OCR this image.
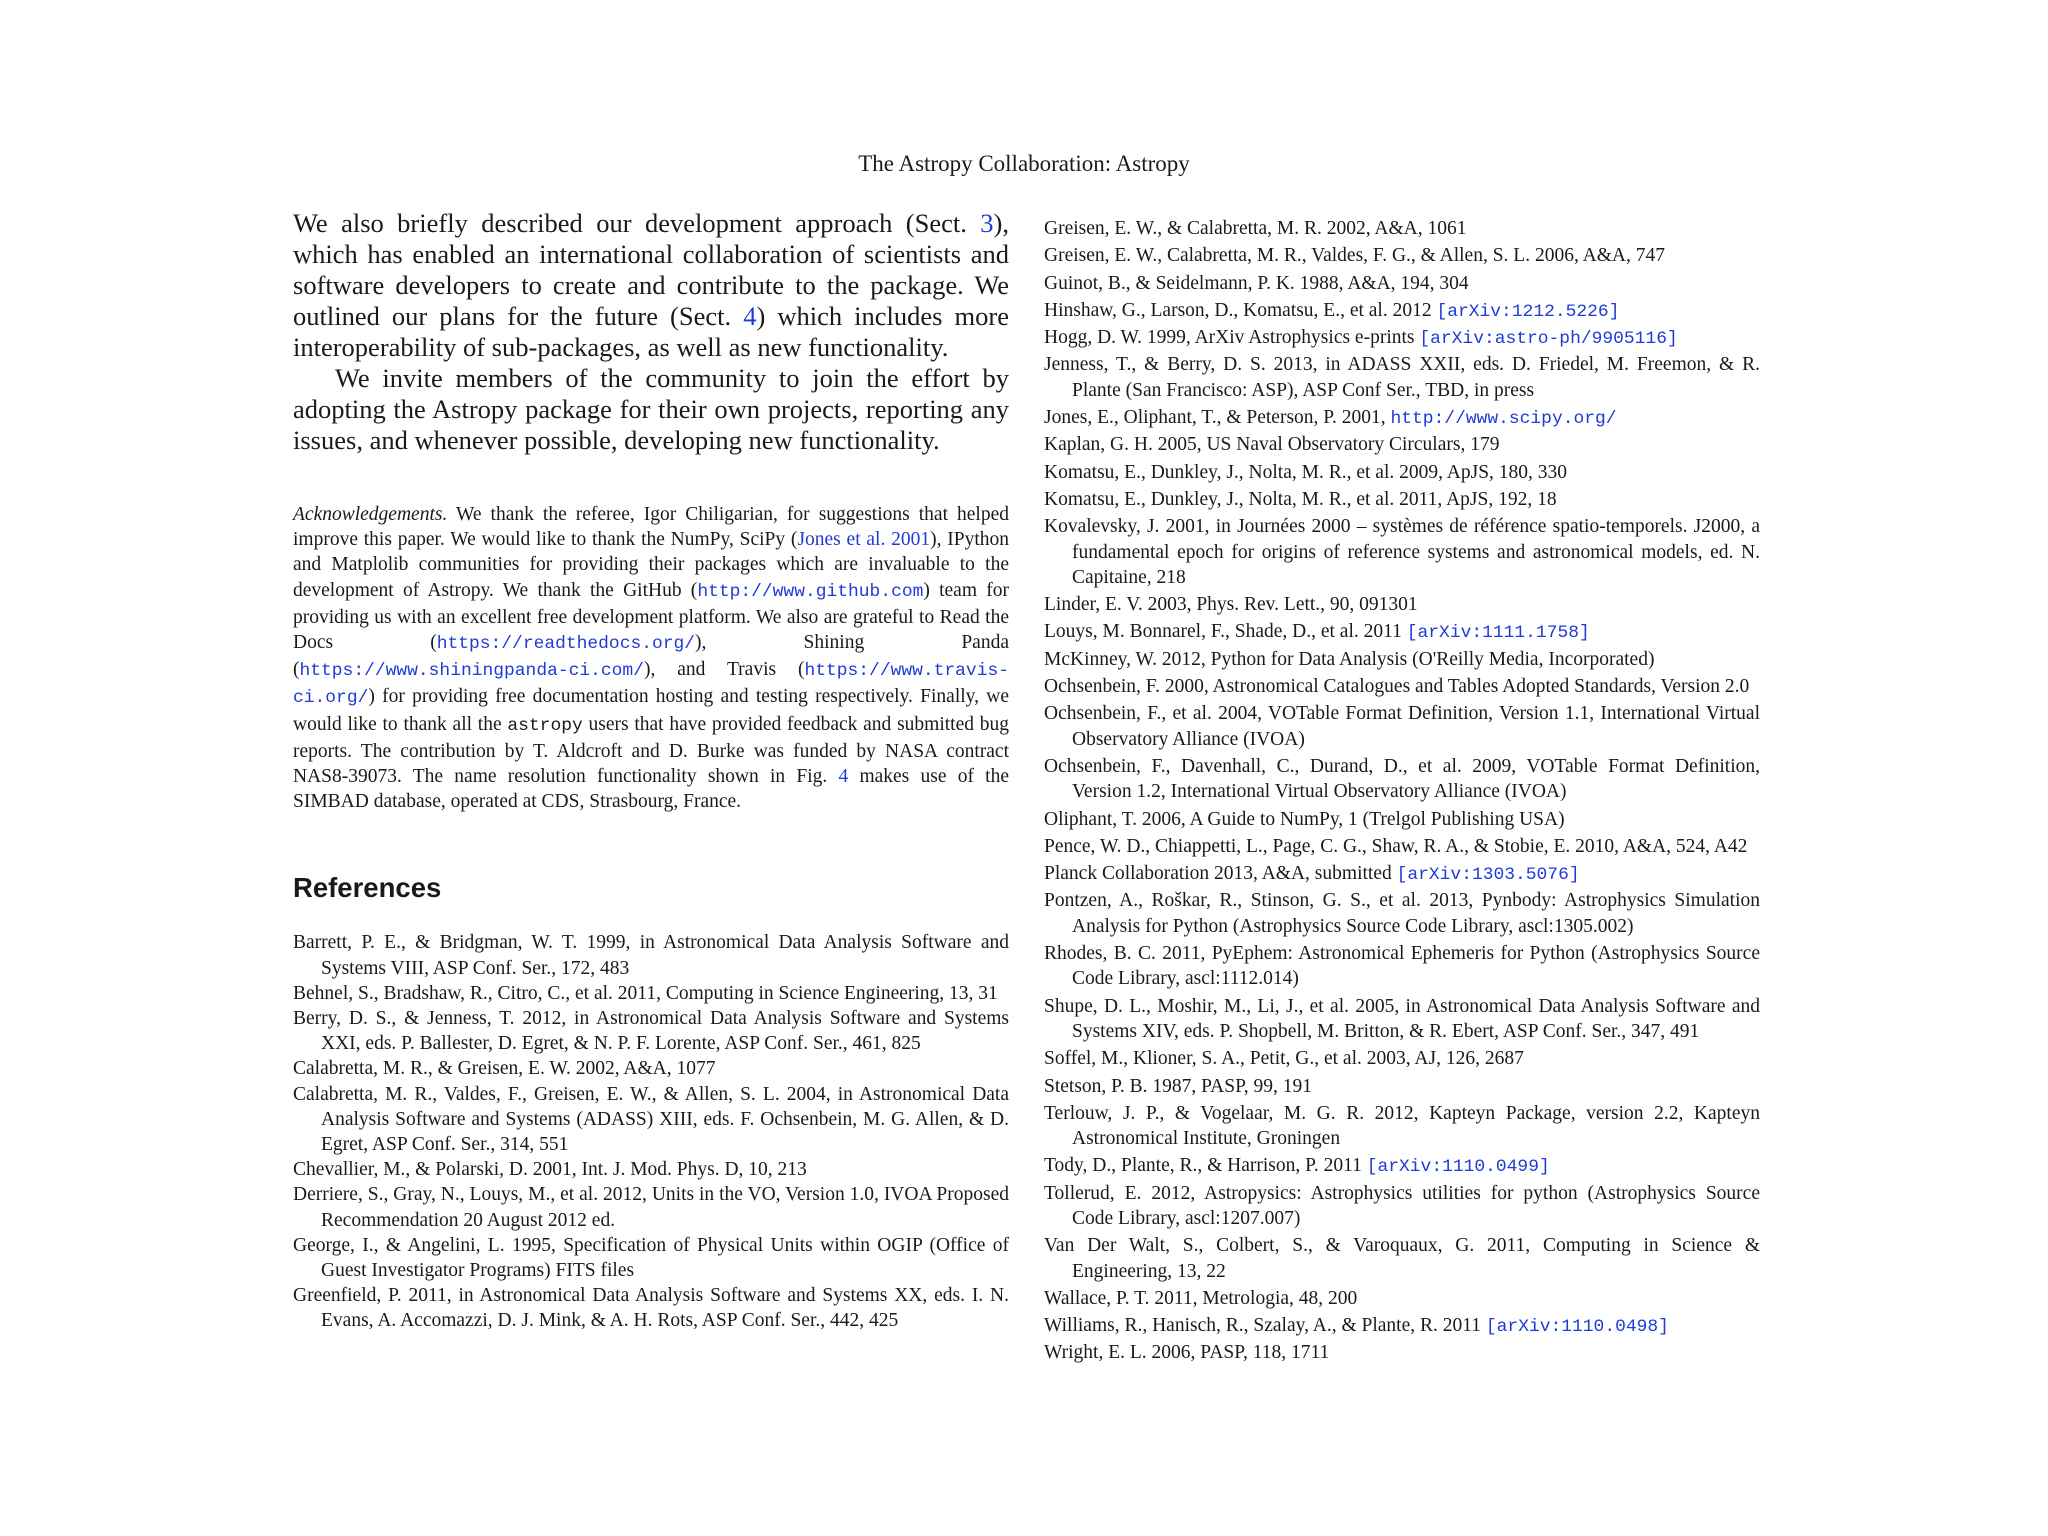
The Astropy Collaboration: Astropy

We also briefly described our development approach (Sect. 3), which has enabled an international collaboration of scientists and software developers to create and contribute to the package. We outlined our plans for the future (Sect. 4) which includes more interoperability of sub-packages, as well as new functionality.

We invite members of the community to join the effort by adopting the Astropy package for their own projects, reporting any issues, and whenever possible, developing new functionality.

Acknowledgements. We thank the referee, Igor Chiligarian, for suggestions that helped improve this paper. We would like to thank the NumPy, SciPy (Jones et al. 2001), IPython and Matplolib communities for providing their packages which are invaluable to the development of Astropy. We thank the GitHub (http://www.github.com) team for providing us with an excellent free development platform. We also are grateful to Read the Docs (https://readthedocs.org/), Shining Panda (https://www.shiningpanda-ci.com/), and Travis (https://www.travis-ci.org/) for providing free documentation hosting and testing respectively. Finally, we would like to thank all the astropy users that have provided feedback and submitted bug reports. The contribution by T. Aldcroft and D. Burke was funded by NASA contract NAS8-39073. The name resolution functionality shown in Fig. 4 makes use of the SIMBAD database, operated at CDS, Strasbourg, France.

References

Barrett, P. E., & Bridgman, W. T. 1999, in Astronomical Data Analysis Software and Systems VIII, ASP Conf. Ser., 172, 483

Behnel, S., Bradshaw, R., Citro, C., et al. 2011, Computing in Science Engineering, 13, 31

Berry, D. S., & Jenness, T. 2012, in Astronomical Data Analysis Software and Systems XXI, eds. P. Ballester, D. Egret, & N. P. F. Lorente, ASP Conf. Ser., 461, 825

Calabretta, M. R., & Greisen, E. W. 2002, A&A, 1077

Calabretta, M. R., Valdes, F., Greisen, E. W., & Allen, S. L. 2004, in Astronomical Data Analysis Software and Systems (ADASS) XIII, eds. F. Ochsenbein, M. G. Allen, & D. Egret, ASP Conf. Ser., 314, 551

Chevallier, M., & Polarski, D. 2001, Int. J. Mod. Phys. D, 10, 213

Derriere, S., Gray, N., Louys, M., et al. 2012, Units in the VO, Version 1.0, IVOA Proposed Recommendation 20 August 2012 ed.

George, I., & Angelini, L. 1995, Specification of Physical Units within OGIP (Office of Guest Investigator Programs) FITS files

Greenfield, P. 2011, in Astronomical Data Analysis Software and Systems XX, eds. I. N. Evans, A. Accomazzi, D. J. Mink, & A. H. Rots, ASP Conf. Ser., 442, 425

Greisen, E. W., & Calabretta, M. R. 2002, A&A, 1061

Greisen, E. W., Calabretta, M. R., Valdes, F. G., & Allen, S. L. 2006, A&A, 747

Guinot, B., & Seidelmann, P. K. 1988, A&A, 194, 304

Hinshaw, G., Larson, D., Komatsu, E., et al. 2012 [arXiv:1212.5226]

Hogg, D. W. 1999, ArXiv Astrophysics e-prints [arXiv:astro-ph/9905116]

Jenness, T., & Berry, D. S. 2013, in ADASS XXII, eds. D. Friedel, M. Freemon, & R. Plante (San Francisco: ASP), ASP Conf Ser., TBD, in press

Jones, E., Oliphant, T., & Peterson, P. 2001, http://www.scipy.org/

Kaplan, G. H. 2005, US Naval Observatory Circulars, 179

Komatsu, E., Dunkley, J., Nolta, M. R., et al. 2009, ApJS, 180, 330

Komatsu, E., Dunkley, J., Nolta, M. R., et al. 2011, ApJS, 192, 18

Kovalevsky, J. 2001, in Journées 2000 – systèmes de référence spatio-temporels. J2000, a fundamental epoch for origins of reference systems and astronomical models, ed. N. Capitaine, 218

Linder, E. V. 2003, Phys. Rev. Lett., 90, 091301

Louys, M. Bonnarel, F., Shade, D., et al. 2011 [arXiv:1111.1758]

McKinney, W. 2012, Python for Data Analysis (O'Reilly Media, Incorporated)

Ochsenbein, F. 2000, Astronomical Catalogues and Tables Adopted Standards, Version 2.0

Ochsenbein, F., et al. 2004, VOTable Format Definition, Version 1.1, International Virtual Observatory Alliance (IVOA)

Ochsenbein, F., Davenhall, C., Durand, D., et al. 2009, VOTable Format Definition, Version 1.2, International Virtual Observatory Alliance (IVOA)

Oliphant, T. 2006, A Guide to NumPy, 1 (Trelgol Publishing USA)

Pence, W. D., Chiappetti, L., Page, C. G., Shaw, R. A., & Stobie, E. 2010, A&A, 524, A42

Planck Collaboration 2013, A&A, submitted [arXiv:1303.5076]

Pontzen, A., Roškar, R., Stinson, G. S., et al. 2013, Pynbody: Astrophysics Simulation Analysis for Python (Astrophysics Source Code Library, ascl:1305.002)

Rhodes, B. C. 2011, PyEphem: Astronomical Ephemeris for Python (Astrophysics Source Code Library, ascl:1112.014)

Shupe, D. L., Moshir, M., Li, J., et al. 2005, in Astronomical Data Analysis Software and Systems XIV, eds. P. Shopbell, M. Britton, & R. Ebert, ASP Conf. Ser., 347, 491

Soffel, M., Klioner, S. A., Petit, G., et al. 2003, AJ, 126, 2687

Stetson, P. B. 1987, PASP, 99, 191

Terlouw, J. P., & Vogelaar, M. G. R. 2012, Kapteyn Package, version 2.2, Kapteyn Astronomical Institute, Groningen

Tody, D., Plante, R., & Harrison, P. 2011 [arXiv:1110.0499]

Tollerud, E. 2012, Astropysics: Astrophysics utilities for python (Astrophysics Source Code Library, ascl:1207.007)

Van Der Walt, S., Colbert, S., & Varoquaux, G. 2011, Computing in Science & Engineering, 13, 22

Wallace, P. T. 2011, Metrologia, 48, 200

Williams, R., Hanisch, R., Szalay, A., & Plante, R. 2011 [arXiv:1110.0498]

Wright, E. L. 2006, PASP, 118, 1711
